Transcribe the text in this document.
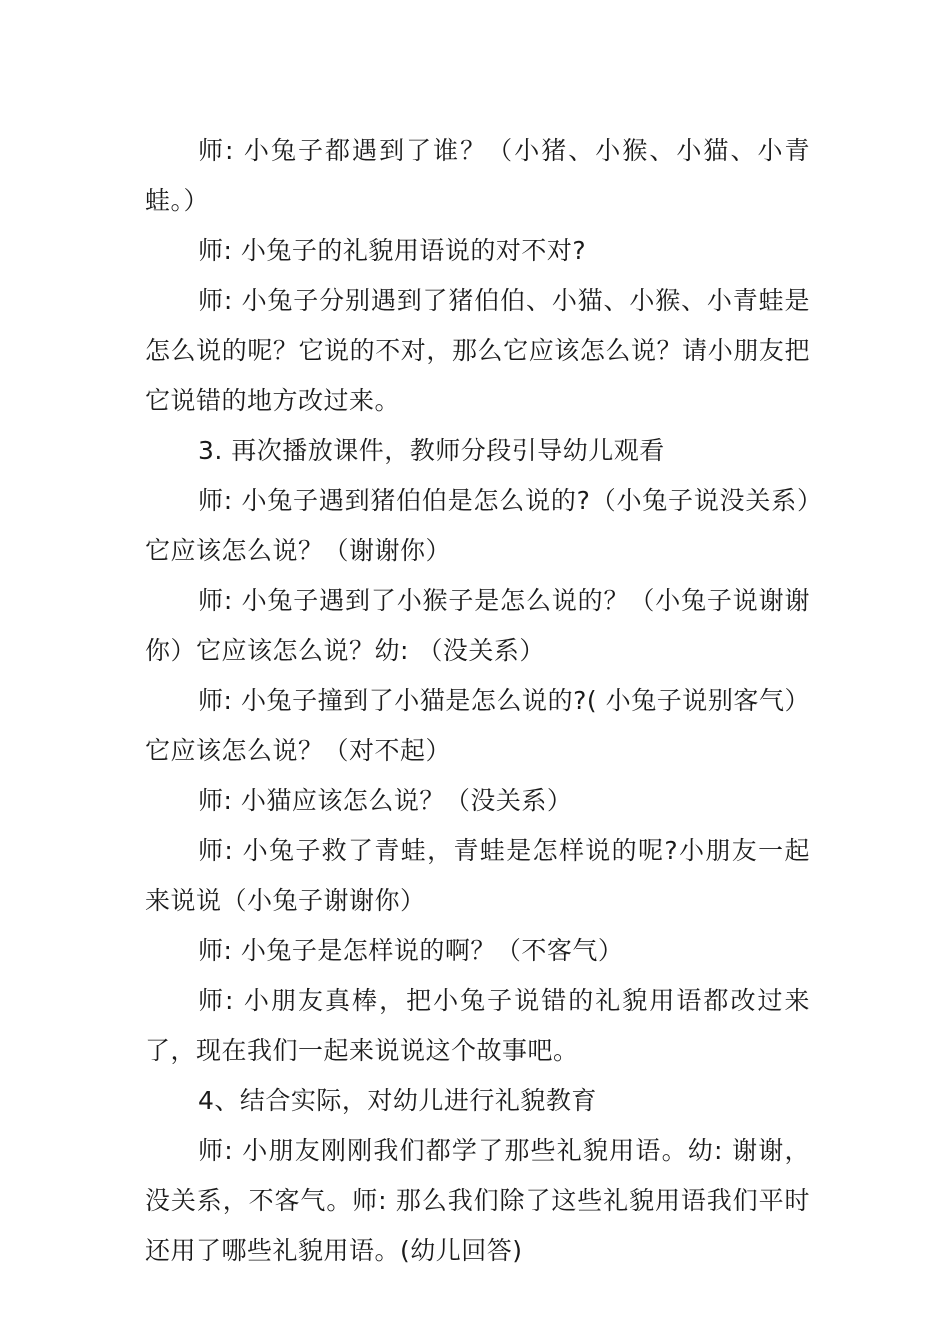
师: 小兔子都遇到了谁？（小猪、小猴、小猫、小青蛙。）

师: 小兔子的礼貌用语说的对不对?

师: 小兔子分别遇到了猪伯伯、小猫、小猴、小青蛙是怎么说的呢？它说的不对，那么它应该怎么说？请小朋友把它说错的地方改过来。

3. 再次播放课件，教师分段引导幼儿观看

师: 小兔子遇到猪伯伯是怎么说的?（小兔子说没关系）它应该怎么说？（谢谢你）

师: 小兔子遇到了小猴子是怎么说的？（小兔子说谢谢你）它应该怎么说？幼: （没关系）

师: 小兔子撞到了小猫是怎么说的?( 小兔子说别客气）它应该怎么说？（对不起）

师: 小猫应该怎么说？（没关系）

师: 小兔子救了青蛙，青蛙是怎样说的呢?小朋友一起来说说（小兔子谢谢你）

师: 小兔子是怎样说的啊？（不客气）

师: 小朋友真棒，把小兔子说错的礼貌用语都改过来了，现在我们一起来说说这个故事吧。

4、结合实际，对幼儿进行礼貌教育

师: 小朋友刚刚我们都学了那些礼貌用语。幼: 谢谢，没关系，不客气。师: 那么我们除了这些礼貌用语我们平时还用了哪些礼貌用语。(幼儿回答)
